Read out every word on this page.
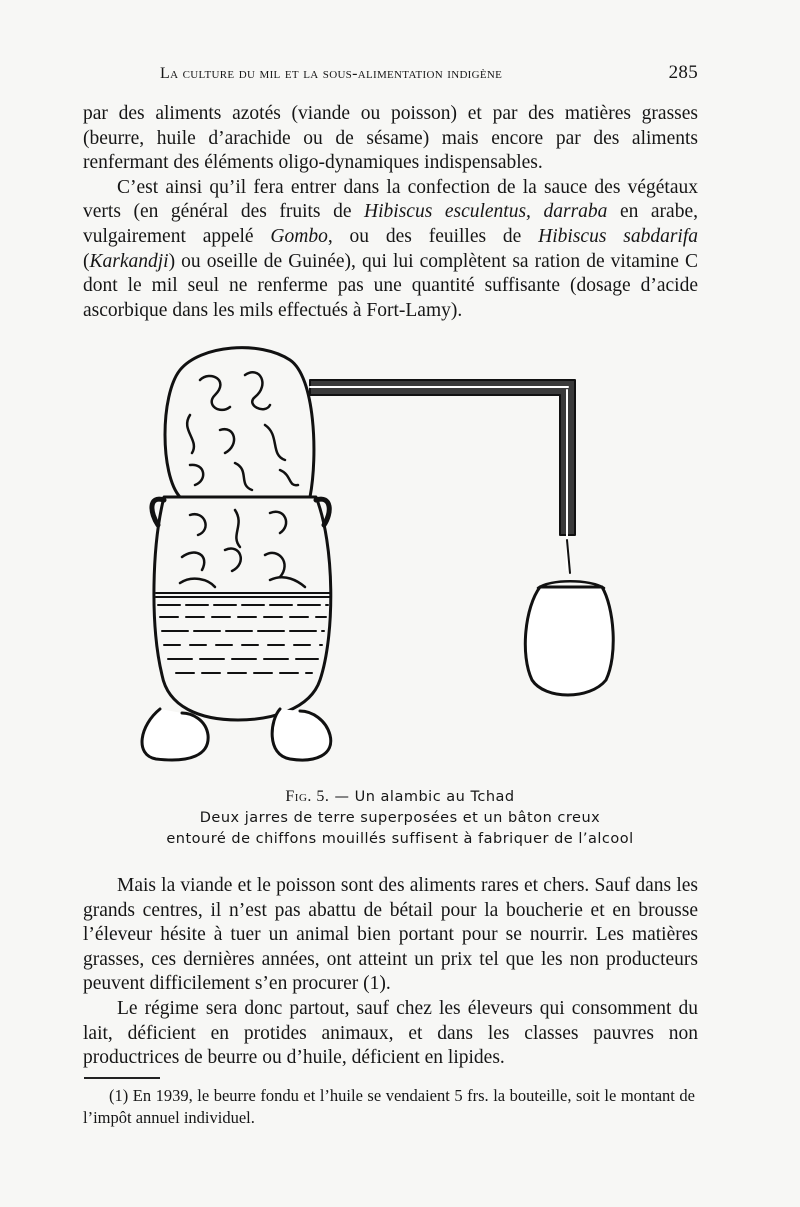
La culture du mil et la sous-alimentation indigène	285

par des aliments azotés (viande ou poisson) et par des matières grasses (beurre, huile d’arachide ou de sésame) mais encore par des aliments renfermant des éléments oligo-dynamiques indispensables.

C’est ainsi qu’il fera entrer dans la confection de la sauce des végétaux verts (en général des fruits de Hibiscus esculentus, darraba en arabe, vulgairement appelé Gombo, ou des feuilles de Hibiscus sabdarifa (Karkandji) ou oseille de Guinée), qui lui complètent sa ration de vitamine C dont le mil seul ne renferme pas une quantité suffisante (dosage d’acide ascorbique dans les mils effectués à Fort-Lamy).

Fig. 5. — Un alambic au Tchad
Deux jarres de terre superposées et un bâton creux
entouré de chiffons mouillés suffisent à fabriquer de l’alcool

Mais la viande et le poisson sont des aliments rares et chers. Sauf dans les grands centres, il n’est pas abattu de bétail pour la boucherie et en brousse l’éleveur hésite à tuer un animal bien portant pour se nourrir. Les matières grasses, ces dernières années, ont atteint un prix tel que les non producteurs peuvent difficilement s’en procurer (1).

Le régime sera donc partout, sauf chez les éleveurs qui consomment du lait, déficient en protides animaux, et dans les classes pauvres non productrices de beurre ou d’huile, déficient en lipides.

(1) En 1939, le beurre fondu et l’huile se vendaient 5 frs. la bouteille, soit le montant de l’impôt annuel individuel.
